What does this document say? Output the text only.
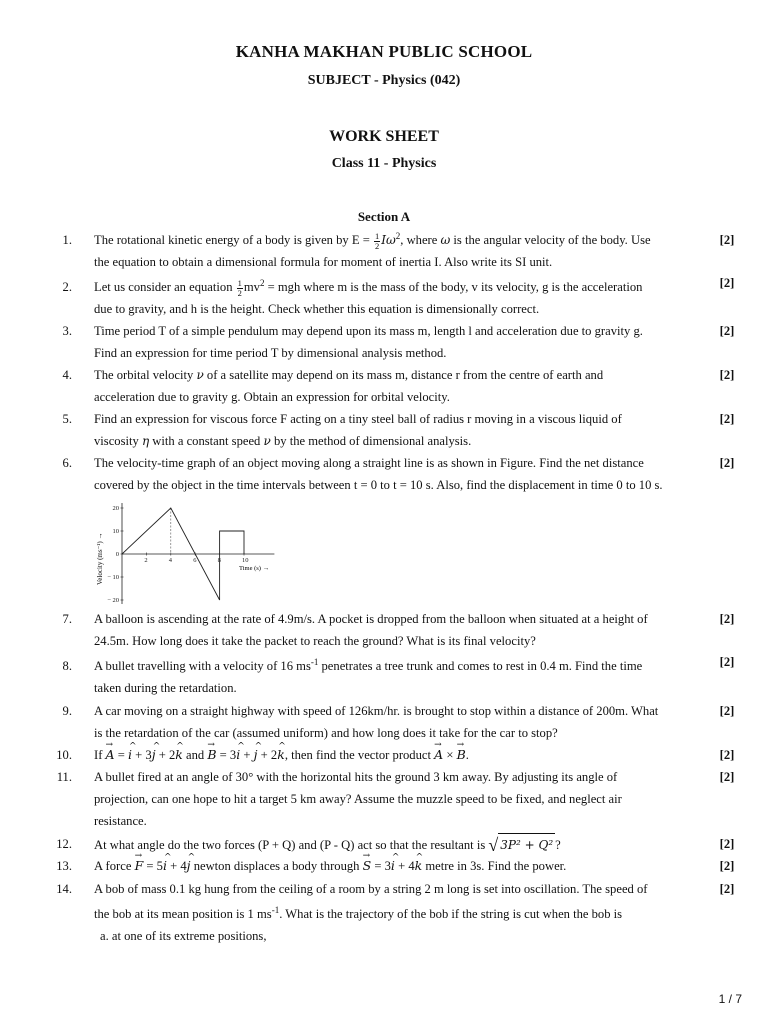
KANHA MAKHAN PUBLIC SCHOOL
SUBJECT - Physics (042)
WORK SHEET
Class 11 - Physics
Section A
1. The rotational kinetic energy of a body is given by $E = \frac{1}{2} I\omega^2$, where ω is the angular velocity of the body. Use
the equation to obtain a dimensional formula for moment of inertia I. Also write its SI unit.
[2]
2. Let us consider an equation $\frac{1}{2} mv^2$ = mgh where m is the mass of the body, v its velocity, g is the acceleration
due to gravity, and h is the height. Check whether this equation is dimensionally correct.
[2]
3. Time period T of a simple pendulum may depend upon its mass m, length l and acceleration due to gravity g.
Find an expression for time period T by dimensional analysis method.
[2]
4. The orbital velocity ν of a satellite may depend on its mass m, distance r from the centre of earth and
acceleration due to gravity g. Obtain an expression for orbital velocity.
[2]
5. Find an expression for viscous force F acting on a tiny steel ball of radius r moving in a viscous liquid of
viscosity η with a constant speed ν by the method of dimensional analysis.
[2]
6. The velocity-time graph of an object moving along a straight line is as shown in Figure. Find the net distance
covered by the object in the time intervals between t = 0 to t = 10 s. Also, find the displacement in time 0 to 10 s.
[2]
2	4	6	8	10
20
10
0
− 10
− 20
Velocity (ms⁻¹) →	Time (s) →
7. A balloon is ascending at the rate of 4.9m/s. A pocket is dropped from the balloon when situated at a height of
24.5m. How long does it take the packet to reach the ground? What is its final velocity?
[2]
8. A bullet travelling with a velocity of 16 $ms^{-1}$ penetrates a tree trunk and comes to rest in 0.4 m. Find the time
taken during the retardation.
[2]
9. A car moving on a straight highway with speed of 126km/hr. is brought to stop within a distance of 200m. What
is the retardation of the car (assumed uniform) and how long does it take for the car to stop?
[2]
10. If → A = ^ i + 3^ j + 2^ k and → B = 3^ i + ^ j + 2^ k, then find the vector product → A × → B.	[2]
11. A bullet fired at an angle of 30° with the horizontal hits the ground 3 km away. By adjusting its angle of
projection, can one hope to hit a target 5 km away? Assume the muzzle speed to be fixed, and neglect air
resistance.
[2]
12. At what angle do the two forces (P + Q) and (P - Q) act so that the resultant is √ 3P² + Q² ?	[2]
13. A force → F = 5^ i + 4^ j newton displaces a body through → S = 3^ i + 4^ k metre in 3s. Find the power.	[2]
14. A bob of mass 0.1 kg hung from the ceiling of a room by a string 2 m long is set into oscillation. The speed of
the bob at its mean position is 1 $ms^{-1}$. What is the trajectory of the bob if the string is cut when the bob is
[2]
a. at one of its extreme positions,
1 / 7
